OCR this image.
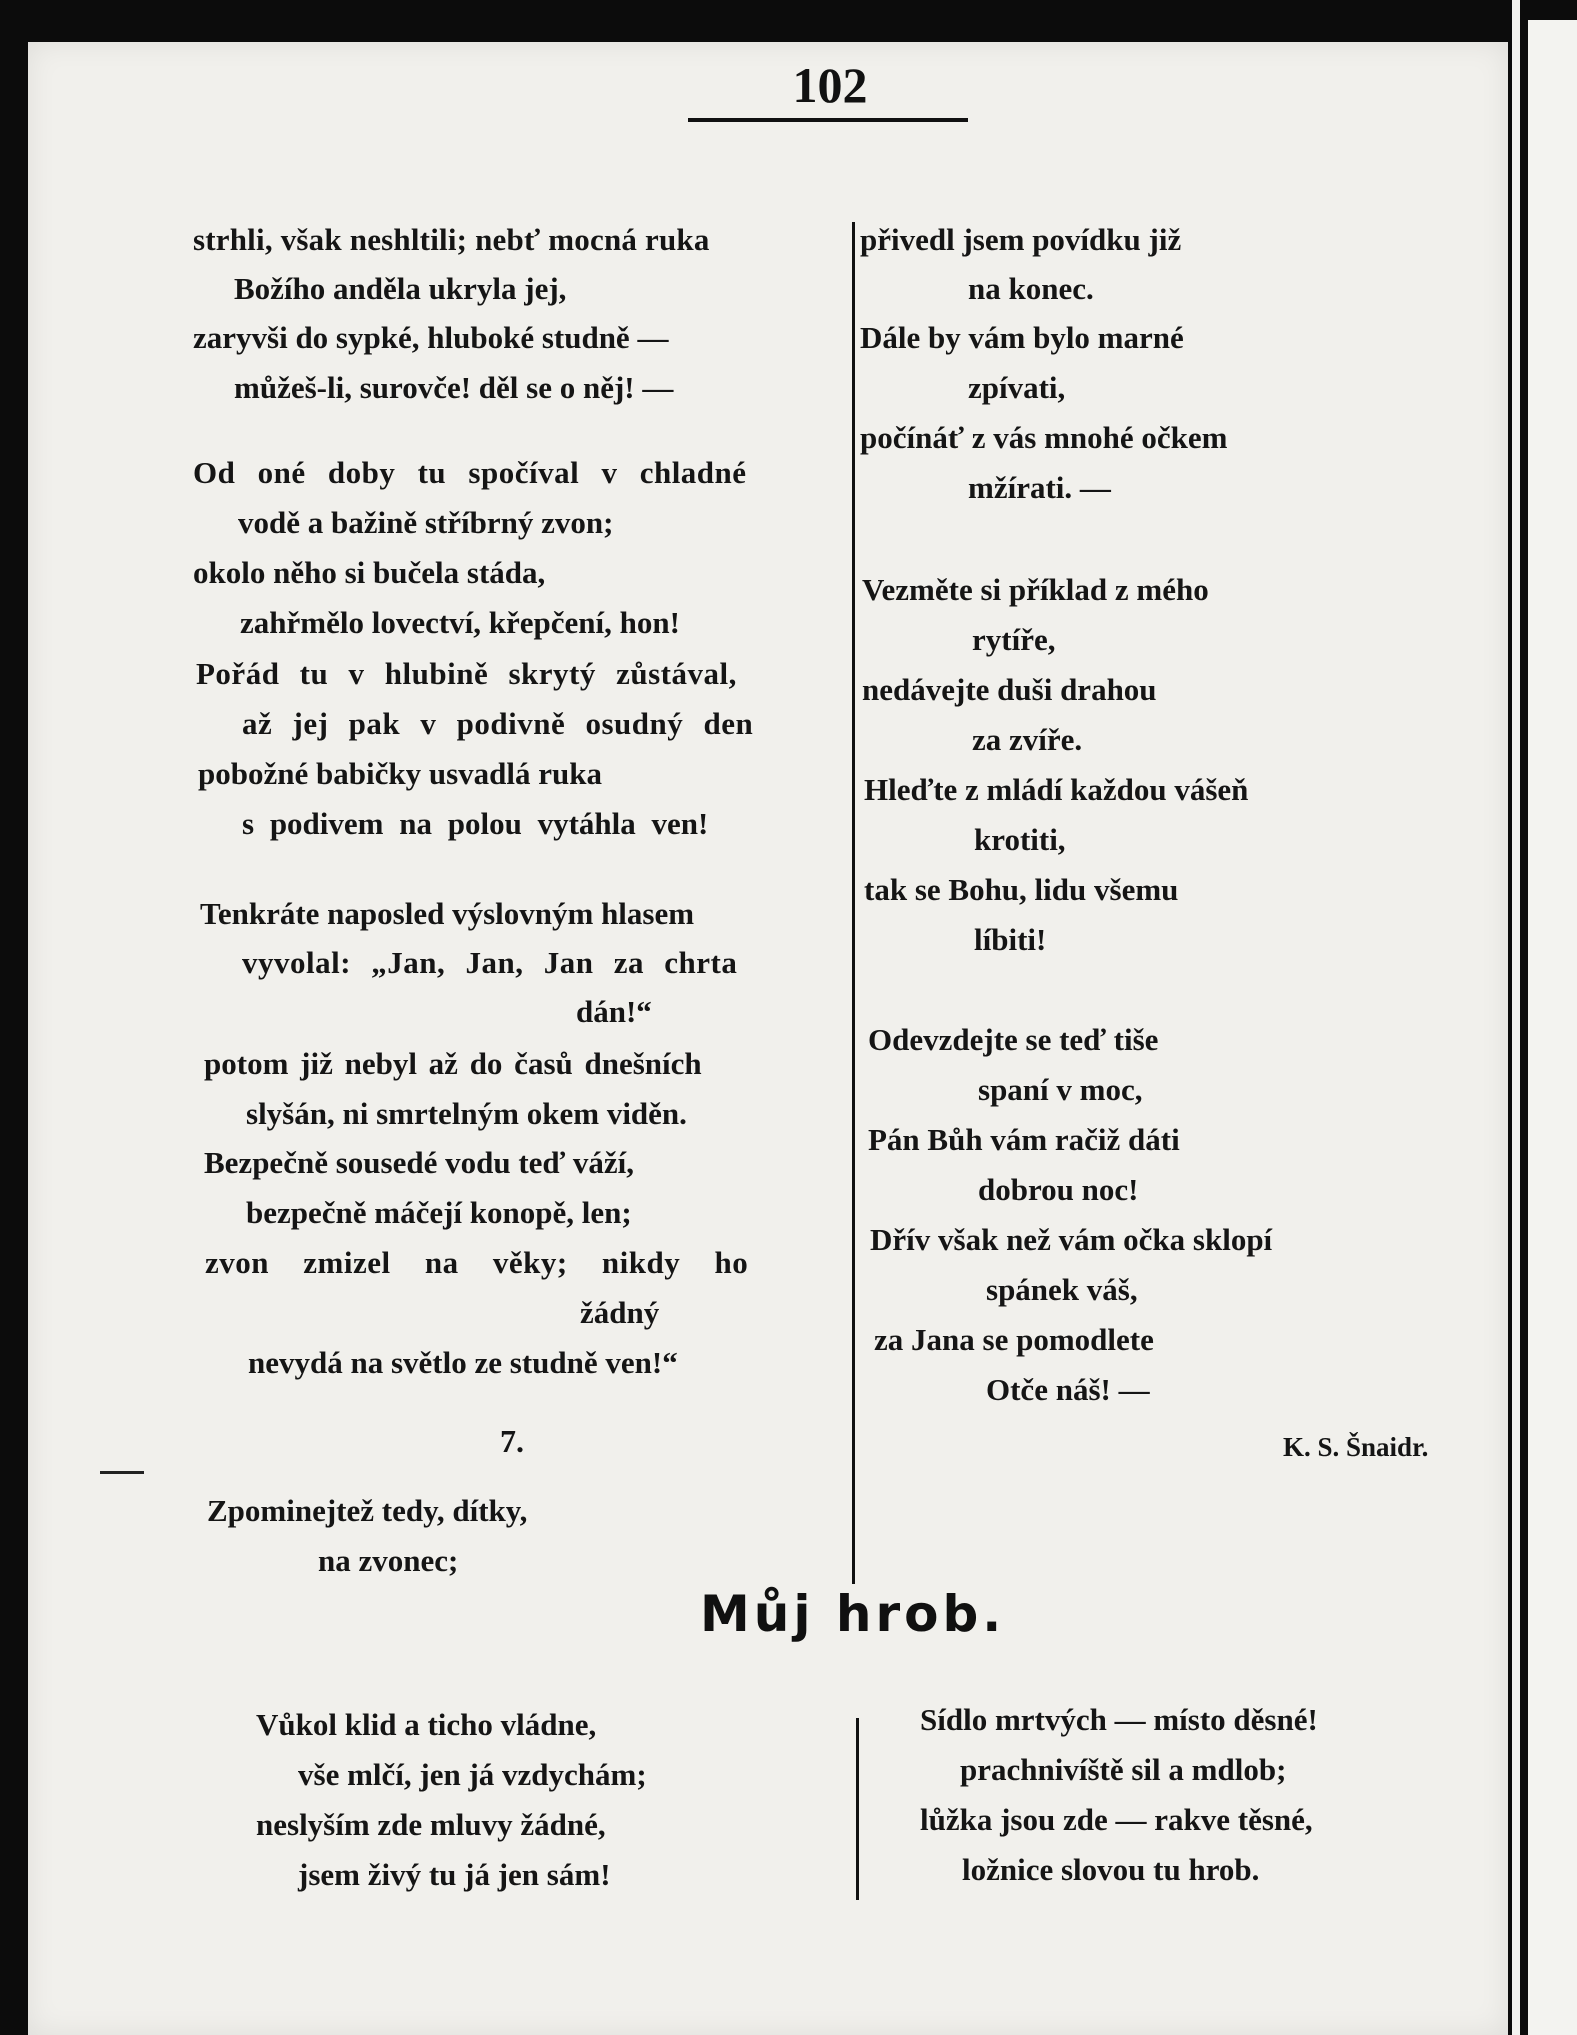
102
strhli, však neshltili; nebť mocná ruka
Božího anděla ukryla jej,
zaryvši do sypké, hluboké studně —
můžeš-li, surovče! děl se o něj! —
Od oné doby tu spočíval v chladné
vodě a bažině stříbrný zvon;
okolo něho si bučela stáda,
zahřmělo lovectví, křepčení, hon!
Pořád tu v hlubině skrytý zůstával,
až jej pak v podivně osudný den
pobožné babičky usvadlá ruka
s podivem na polou vytáhla ven!
Tenkráte naposled výslovným hlasem
vyvolal: „Jan, Jan, Jan za chrta
dán!“
potom již nebyl až do časů dnešních
slyšán, ni smrtelným okem viděn.
Bezpečně sousedé vodu teď váží,
bezpečně máčejí konopě, len;
zvon zmizel na věky; nikdy ho
žádný
nevydá na světlo ze studně ven!“
7.
Zpominejtež tedy, dítky,
na zvonec;
přivedl jsem povídku již
na konec.
Dále by vám bylo marné
zpívati,
počínáť z vás mnohé očkem
mžírati. —
Vezměte si příklad z mého
rytíře,
nedávejte duši drahou
za zvíře.
Hleďte z mládí každou vášeň
krotiti,
tak se Bohu, lidu všemu
líbiti!
Odevzdejte se teď tiše
spaní v moc,
Pán Bůh vám račiž dáti
dobrou noc!
Dřív však než vám očka sklopí
spánek váš,
za Jana se pomodlete
Otče náš! —
K. S. Šnaidr.
Můj hrob.
Vůkol klid a ticho vládne,
vše mlčí, jen já vzdychám;
neslyším zde mluvy žádné,
jsem živý tu já jen sám!
Sídlo mrtvých — místo děsné!
prachnivíště sil a mdlob;
lůžka jsou zde — rakve těsné,
ložnice slovou tu hrob.
